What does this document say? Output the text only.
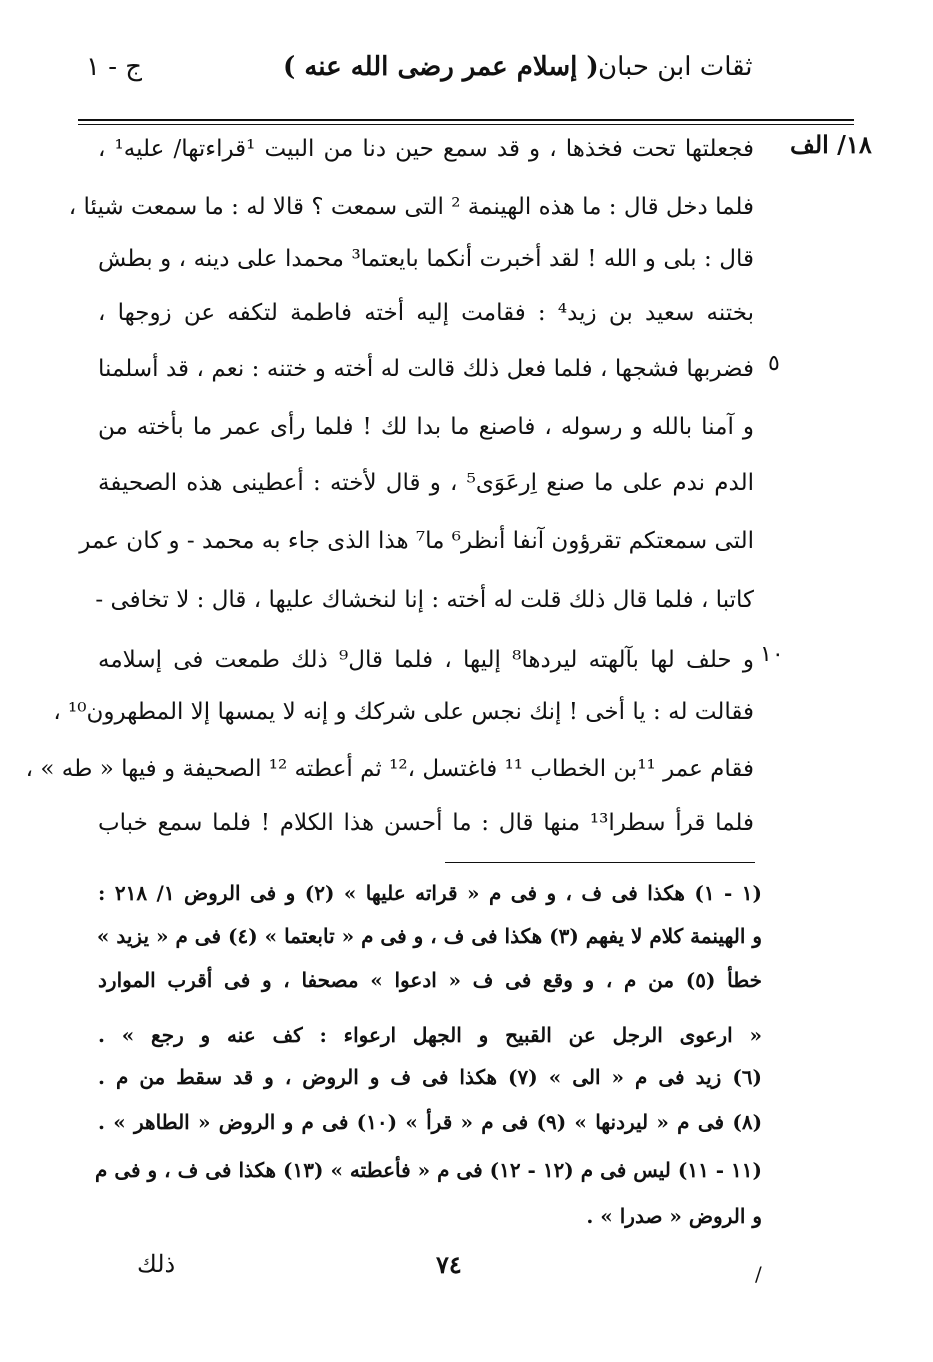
ثقات ابن حبان
( إسلام عمر رضى الله عنه )
ج - ١
١٨/ الف
٥
١٠
فجعلتها تحت فخذها ، و قد سمع حين دنا من البيت ¹قراءتها/ عليه¹ ،
فلما دخل قال : ما هذه الهينمة ² التى سمعت ؟ قالا له : ما سمعت شيئا ،
قال : بلى و الله ! لقد أخبرت أنكما بايعتما³ محمدا على دينه ، و بطش
بختنه سعيد بن زيد⁴ : فقامت إليه أخته فاطمة لتكفه عن زوجها ،
فضربها فشجها ، فلما فعل ذلك قالت له أخته و ختنه : نعم ، قد أسلمنا
و آمنا بالله و رسوله ، فاصنع ما بدا لك ! فلما رأى عمر ما بأخته من
الدم ندم على ما صنع اِرعَوَى⁵ ، و قال لأخته : أعطينى هذه الصحيفة
التى سمعتكم تقرؤون آنفا أنظر⁶ ما⁷ هذا الذى جاء به محمد - و كان عمر
كاتبا ، فلما قال ذلك قلت له أخته : إنا لنخشاك عليها ، قال : لا تخافى -
و حلف لها بآلهته ليردها⁸ إليها ، فلما قال⁹ ذلك طمعت فى إسلامه
فقالت له : يا أخى ! إنك نجس على شركك و إنه لا يمسها إلا المطهرون¹⁰ ،
فقام عمر ¹¹بن الخطاب ¹¹ فاغتسل ،¹² ثم أعطته ¹² الصحيفة و فيها « طه » ،
فلما قرأ سطرا¹³ منها قال : ما أحسن هذا الكلام ! فلما سمع خباب
(١ - ١) هكذا فى ف ، و فى م « قراته عليها » (٢) و فى الروض ١/ ٢١٨ :
و الهينمة كلام لا يفهم (٣) هكذا فى ف ، و فى م « تابعتما » (٤) فى م « يزيد »
خطأ (٥) من م ، و وقع فى ف « ادعوا » مصحفا ، و فى أقرب الموارد
« ارعوى الرجل عن القبيح و الجهل ارعواء : كف عنه و رجع » .
(٦) زيد فى م « الى » (٧) هكذا فى ف و الروض ، و قد سقط من م .
(٨) فى م « ليردنها » (٩) فى م « قرأ » (١٠) فى م و الروض « الطاهر » .
(١١ - ١١) ليس فى م (١٢ - ١٢) فى م « فأعطته » (١٣) هكذا فى ف ، و فى م
و الروض « صدرا » .
٧٤
ذلك	/
